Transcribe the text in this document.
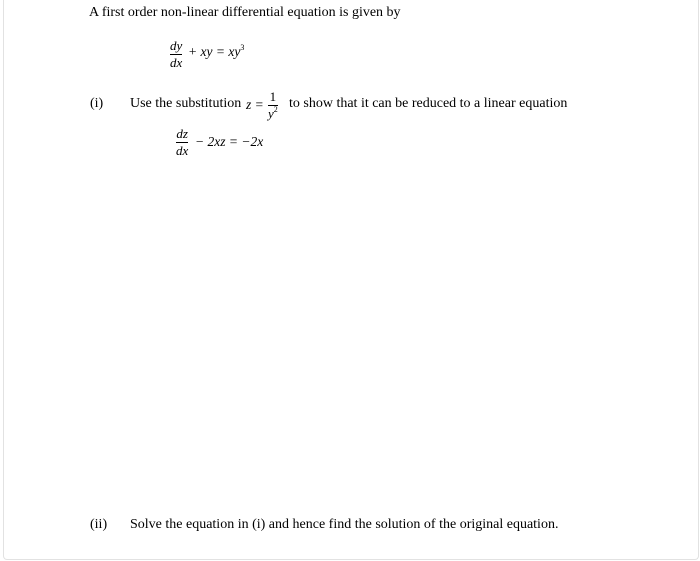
A first order non-linear differential equation is given by
dy
dx
+ xy = $xy^3$
(i) Use the substitution z =
1
$y^2$ to show that it can be reduced to a linear equation
dz
dx
− 2xz = −2x
(ii) Solve the equation in (i) and hence find the solution of the original equation.
